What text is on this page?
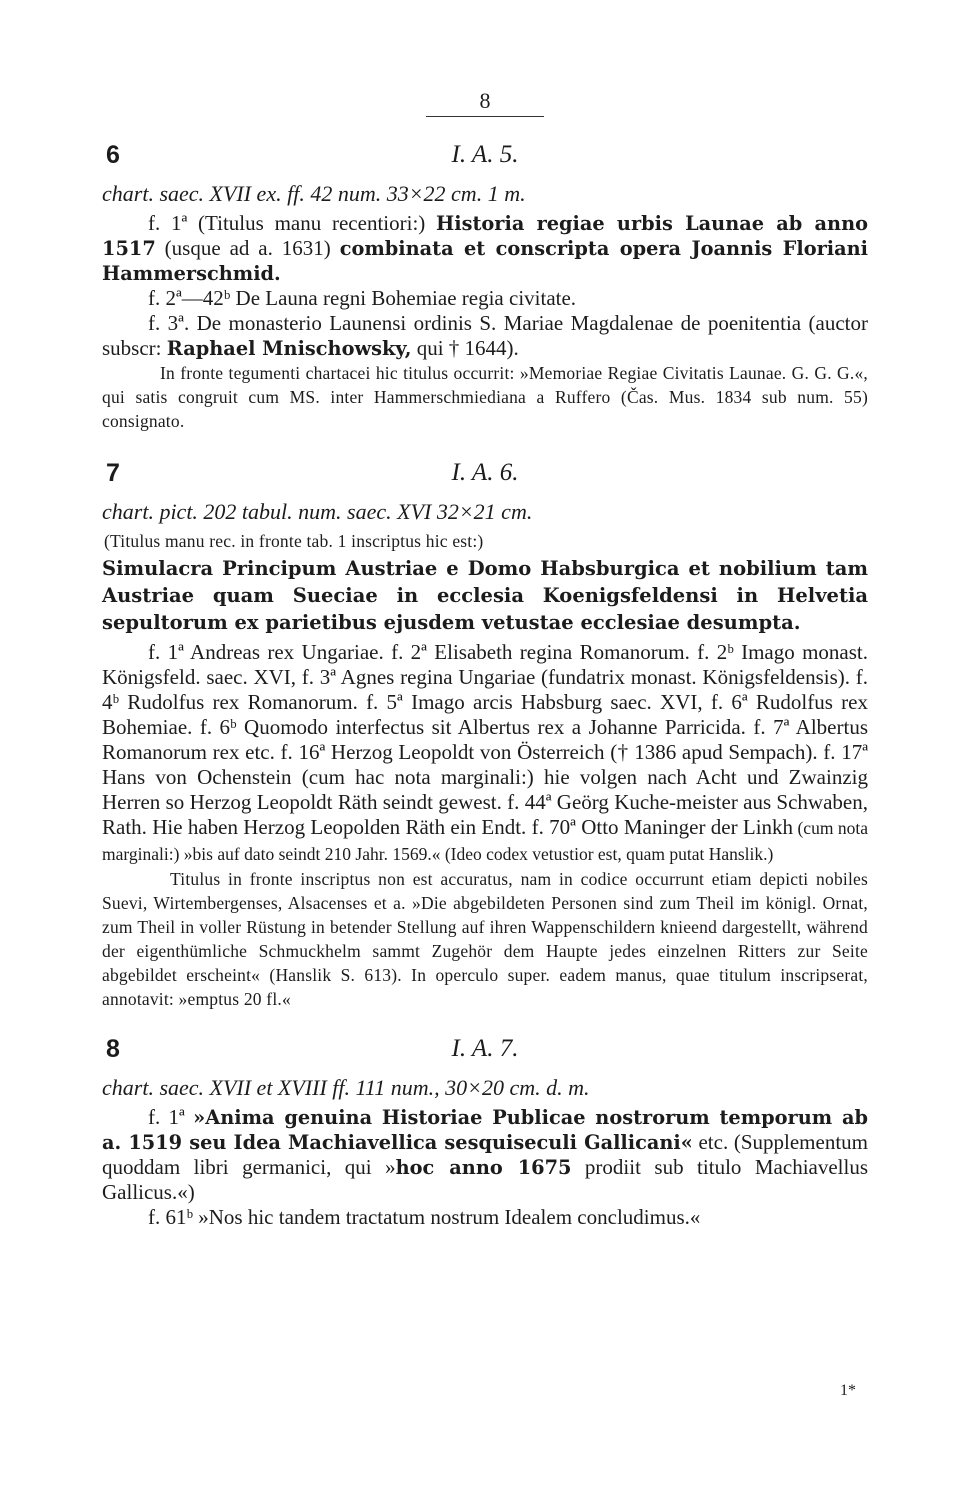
8
6	I. A. 5.
chart. saec. XVII ex. ff. 42 num. 33×22 cm. 1 m.

f. 1ª (Titulus manu recentiori:) Historia regiae urbis Launae ab anno 1517 (usque ad a. 1631) combinata et conscripta opera Joannis Floriani Hammerschmid.

f. 2ª—42ᵇ De Launa regni Bohemiae regia civitate.

f. 3ª. De monasterio Launensi ordinis S. Mariae Magdalenae de poenitentia (auctor subscr: Raphael Mnischowsky, qui † 1644).

In fronte tegumenti chartacei hic titulus occurrit: »Memoriae Regiae Civitatis Launae. G. G. G.«, qui satis congruit cum MS. inter Hammerschmiediana a Ruffero (Čas. Mus. 1834 sub num. 55) consignato.

7	I. A. 6.
chart. pict. 202 tabul. num. saec. XVI 32×21 cm.

(Titulus manu rec. in fronte tab. 1 inscriptus hic est:)

Simulacra Principum Austriae e Domo Habsburgica et nobilium tam Austriae quam Sueciae in ecclesia Koenigsfeldensi in Helvetia sepultorum ex parietibus ejusdem vetustae ecclesiae desumpta.

f. 1ª Andreas rex Ungariae. f. 2ª Elisabeth regina Romanorum. f. 2ᵇ Imago monast. Königsfeld. saec. XVI, f. 3ª Agnes regina Ungariae (fundatrix monast. Königsfeldensis). f. 4ᵇ Rudolfus rex Romanorum. f. 5ª Imago arcis Habsburg saec. XVI, f. 6ª Rudolfus rex Bohemiae. f. 6ᵇ Quomodo interfectus sit Albertus rex a Johanne Parricida. f. 7ª Albertus Romanorum rex etc. f. 16ª Herzog Leopoldt von Österreich († 1386 apud Sempach). f. 17ª Hans von Ochenstein (cum hac nota marginali:) hie volgen nach Acht und Zwainzig Herren so Herzog Leopoldt Räth seindt gewest. f. 44ª Geörg Kuche-meister aus Schwaben, Rath. Hie haben Herzog Leopolden Räth ein Endt. f. 70ª Otto Maninger der Linkh (cum nota marginali:) »bis auf dato seindt 210 Jahr. 1569.« (Ideo codex vetustior est, quam putat Hanslik.)

Titulus in fronte inscriptus non est accuratus, nam in codice occurrunt etiam depicti nobiles Suevi, Wirtembergenses, Alsacenses et a. »Die abgebildeten Personen sind zum Theil im königl. Ornat, zum Theil in voller Rüstung in betender Stellung auf ihren Wappenschildern knieend dargestellt, während der eigenthümliche Schmuckhelm sammt Zugehör dem Haupte jedes einzelnen Ritters zur Seite abgebildet erscheint« (Hanslik S. 613). In operculo super. eadem manus, quae titulum inscripserat, annotavit: »emptus 20 fl.«

8	I. A. 7.
chart. saec. XVII et XVIII ff. 111 num., 30×20 cm. d. m.

f. 1ª »Anima genuina Historiae Publicae nostrorum temporum ab a. 1519 seu Idea Machiavellica sesquiseculi Gallicani« etc. (Supplementum quoddam libri germanici, qui »hoc anno 1675 prodiit sub titulo Machiavellus Gallicus.«)

f. 61ᵇ »Nos hic tandem tractatum nostrum Idealem concludimus.«

1*
